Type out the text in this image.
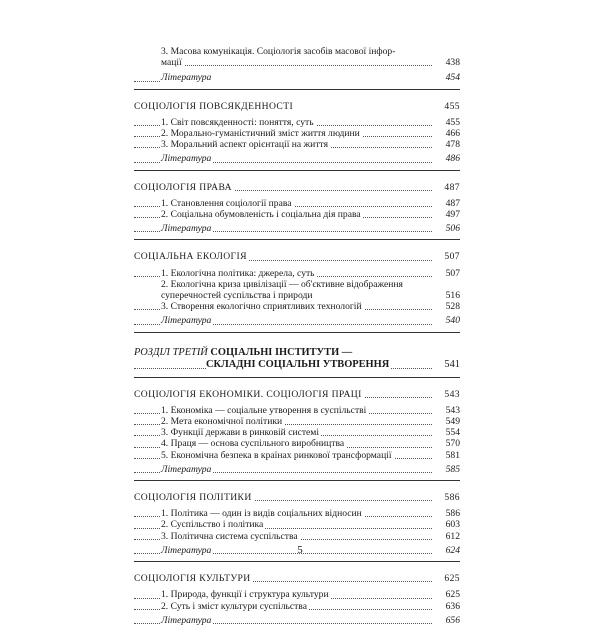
3. Масова комунікація. Соціологія засобів масової інфор-
мації	438
Література	454
СОЦІОЛОГІЯ ПОВСЯКДЕННОСТІ	455
1. Світ повсякденності: поняття, суть	455
2. Морально-гуманістичний зміст життя людини	466
3. Моральний аспект орієнтації на життя	478
Література	486
СОЦІОЛОГІЯ ПРАВА	487
1. Становлення соціології права	487
2. Соціальна обумовленість і соціальна дія права	497
Література	506
СОЦІАЛЬНА ЕКОЛОГІЯ	507
1. Екологічна політика: джерела, суть	507
2. Екологічна криза цивілізації — об'єктивне відображення суперечностей суспільства і природи	516
3. Створення екологічно сприятливих технологій	528
Література	540
РОЗДІЛ ТРЕТІЙ СОЦІАЛЬНІ ІНСТИТУТИ —
СКЛАДНІ СОЦІАЛЬНІ УТВОРЕННЯ	541
СОЦІОЛОГІЯ ЕКОНОМІКИ. СОЦІОЛОГІЯ ПРАЦІ	543
1. Економіка — соціальне утворення в суспільстві	543
2. Мета економічної політики	549
3. Функції держави в ринковій системі	554
4. Праця — основа суспільного виробництва	570
5. Економічна безпека в країнах ринкової трансформації	581
Література	585
СОЦІОЛОГІЯ ПОЛІТИКИ	586
1. Політика — один із видів соціальних відносин	586
2. Суспільство і політика	603
3. Політична система суспільства	612
Література	624
СОЦІОЛОГІЯ КУЛЬТУРИ	625
1. Природа, функції і структура культури	625
2. Суть і зміст культури суспільства	636
Література	656
5
